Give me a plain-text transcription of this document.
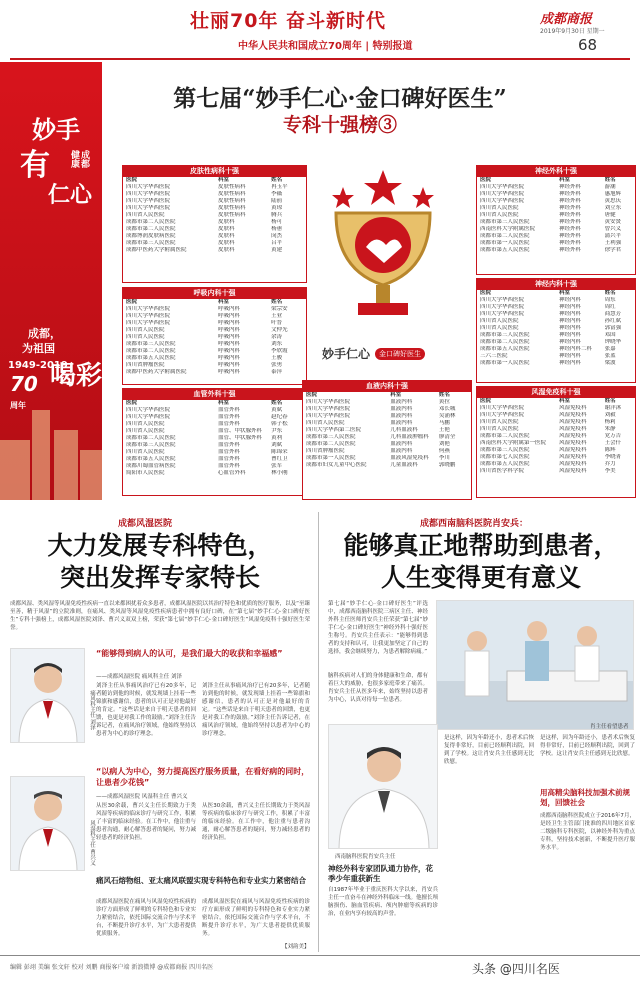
壮丽70年 奋斗新时代
中华人民共和国成立70周年 | 特别报道
成都商报
2019年9月30日 星期一
68
妙手
有
仁心
健康 成都
成都，
为祖国
1949-2019
70 喝彩
周年
第七届“妙手仁心·金口碑好医生”
专科十强榜③
皮肤性病科十强
医院	科室	姓名
四川大学华西医院	皮肤性病科	冉玉平
四川大学华西医院	皮肤性病科	李薇
四川大学华西医院	皮肤性病科	陆前
四川大学华西医院	皮肤性病科	黄琼
四川省人民医院	皮肤性病科	腾兵
成都市第二人民医院	皮肤科	杨可
成都市第二人民医院	皮肤科	杨蕙
成都博润皮肤病医院	皮肤科	闵杰
成都市第三人民医院	皮肤科	吕平
成都中医药大学附属医院	皮肤科	黄建
呼吸内科十强
医院	科室	姓名
四川大学华西医院	呼吸内科	梁宗安
四川大学华西医院	呼吸内科	王业
四川大学华西医院	呼吸内科	叶晋
四川省人民医院	呼吸内科	文仲光
四川省人民医院	呼吸内科	余涛
成都市第三人民医院	呼吸内科	刘东
成都市第二人民医院	呼吸内科	李欣霞
成都市第五人民医院	呼吸内科	王骏
四川省肿瘤医院	呼吸内科	张勇
成都中医药大学附属医院	呼吸内科	泰萍
血管外科十强
医院	科室	姓名
四川大学华西医院	血管外科	黄斌
四川大学华西医院	血管外科	赵纪春
四川省人民医院	血管外科	韩子松
四川省人民医院	血管、甲状腺外科	尹东
成都市第二人民医院	血管、甲状腺外科	黄利
成都市第三人民医院	血管外科	刘斌
四川省人民医院	血管外科	陈锦荣
成都市第五人民医院	血管外科	曹红卫
成都川蜀血管病医院	血管外科	张军
简阳市人民医院	心血管外科	林小刚
血液内科十强
医院	科室	姓名
四川大学华西医院	血液内科	黄拉
四川大学华西医院	血液内科	邓长城
四川大学华西医院	血液内科	吴涌林
四川省人民医院	血液内科	马鹏
四川大学华西第二医院	儿科血液科	王艳
成都市第三人民医院	儿科血液肿瘤科	廖清全
成都市第二人民医院	血液内科	刘艳
四川省肿瘤医院	血液内科	何燕
成都市第一人民医院	血液风湿免疫科	李川
成都市妇女儿童中心医院	儿童血液科	郭晓鹏
神经外科十强
医院	科室	姓名
四川大学华西医院	神经外科	游潮
四川大学华西医院	神经外科	惠旭辉
四川大学华西医院	神经外科	黄思庆
四川省人民医院	神经外科	刘立东
四川省人民医院	神经外科	唐健
成都市第三人民医院	神经外科	黄安贤
西南医科大学附属医院	神经外科	曾兴义
成都市第二人民医院	神经外科	蒲兴平
成都市第一人民医院	神经外科	王利强
成都市第五人民医院	神经外科	徐学君
神经内科十强
医院	科室	姓名
四川大学华西医院	神经内科	周东
四川大学华西医院	神经内科	周红
四川大学华西医院	神经内科	商慧芳
四川省人民医院	神经内科	孙红斌
四川省人民医院	神经内科	郭富强
成都市第三人民医院	神经内科	邓国
成都市第二人民医院	神经内科	钟晓华
成都市第五人民医院	神经内科二科	张嘉
三六三医院	神经内科	张蓝
成都市第一人民医院	神经内科	梁波
风湿免疫科十强
医院	科室	姓名
四川大学华西医院	风湿免疫科	谢洋沐
四川大学华西医院	风湿免疫科	刘毅
四川省人民医院	风湿免疫科	杨莉
四川省人民医院	风湿免疫科	朱静
成都市第二人民医院	风湿免疫科	党万吉
西南医科大学附属第一医院	风湿免疫科	王会仟
成都市第三人民医院	风湿免疫科	陈辉
成都市第七人民医院	风湿免疫科	李晓菁
成都市第五人民医院	风湿免疫科	乔力
四川省医学科学院	风湿免疫科	李美
妙手仁心	金口碑好医生
成都风湿医院
大力发展专科特色，
突出发挥专家特长
成都风湿、类风湿等风湿免疫性疾病一直以来都困扰着众多患者，成都风湿医院以其治疗特色和优质的医疗服务，以及“至臻至善，精于风湿”的立院准则，在痛风、类风湿等风湿免疫性疾病患者中拥有良好口碑，在“第七届“妙手仁心·金口碑好医生”专科十强榜上，成都风湿医院刘泽、曹兴义双双上榜，荣获“第七届“妙手仁心·金口碑好医生”风湿免疫科十强好医生荣誉。
痛风科主任 刘泽
“能够得到病人的认可，是我们最大的收获和幸福感”
——成都风湿医院 痛风科主任 刘泽
刘泽主任从事痛风治疗已有20多年，记者随访到他的时候，就发现墙上挂着一些锦旗和感谢信，患者的认可正是对他最好的肯定。“这些话是来自于明天患者的回馈，也更是对我工作的鼓励。”刘泽主任告诉记者，在痛风治疗领域，他始终坚持以患者为中心的诊疗理念。
刘泽主任从事痛风治疗已有20多年，记者随访到他的时候，就发现墙上挂着一些锦旗和感谢信，患者的认可正是对他最好的肯定。“这些话是来自于明天患者的回馈，也更是对我工作的鼓励。”刘泽主任告诉记者，在痛风治疗领域，他始终坚持以患者为中心的诊疗理念。
“以病人为中心，努力提高医疗服务质量，在看好病的同时，让患者少花钱”
——成都风湿医院 风湿科主任 曹兴义
风湿科主任 曹兴义
从医30余载，曹兴义主任长期致力于类风湿等疾病的临床诊疗与研究工作，积累了丰富的临床经验。在工作中，他注重与患者沟通，耐心解答患者的疑问，努力减轻患者的经济负担。
从医30余载，曹兴义主任长期致力于类风湿等疾病的临床诊疗与研究工作，积累了丰富的临床经验。在工作中，他注重与患者沟通，耐心解答患者的疑问，努力减轻患者的经济负担。
痛风石熔物组、亚太痛风联盟实现专科特色和专业实力紧密结合
成都风湿医院在痛风与风湿免疫性疾病的诊疗方面形成了鲜明的专科特色和专业实力紧密结合，依托国际交流合作与学术平台，不断提升诊疗水平，为广大患者提供优质服务。
成都风湿医院在痛风与风湿免疫性疾病的诊疗方面形成了鲜明的专科特色和专业实力紧密结合，依托国际交流合作与学术平台，不断提升诊疗水平，为广大患者提供优质服务。
【刘韵美】
成都西南脑科医院肖安兵：
能够真正地帮助到患者，
人生变得更有意义
第七届“妙手仁心·金口碑好医生”评选中，成都西南脑科医院三病区主任、神经外科主任医师肖安兵主任荣获“第七届“妙手仁心·金口碑好医生”神经外科十强好医生称号。肖安兵主任表示：“能够得到患者的支持和认可，让我更加坚定了自己的选择，我会继续努力，为患者解除病痛。”
脑科疾病对人们的身体健康和生命，都有着巨大的威胁，也很多家庭带来了痛苦。肖安兵主任从医多年来，始终坚持以患者为中心，认真对待每一位患者。
肖主任看望患者
西南脑科医院肖安兵主任
神经外科专家团队通力协作，花季少年重获新生
自1987年毕业于重庆医科大学以来，肖安兵主任一直奋斗在神经外科临床一线。他擅长颅脑损伤、脑血管疾病、颅内肿瘤等疾病的诊治，在业内享有较高的声誉。
是这样，因为年龄还小，患者术后恢复得非常好，目前已经顺利出院，回到了学校。这让肖安兵主任感到无比欣慰。
用高精尖脑科技加强术前规划，回馈社会
是这样，因为年龄还小，患者术后恢复得非常好，目前已经顺利出院，回到了学校。这让肖安兵主任感到无比欣慰。
成都西南脑科医院成立于2016年7月，是经卫生主管部门批准的四川地区首家二级脑科专科医院，以神经外科为重点专科，坚持技术创新，不断提升医疗服务水平。
编辑 彭翊 美编 张文轩 校对 刘鹏 商报客户端 新浪微博 @成都商报 四川名医	头条 @四川名医
